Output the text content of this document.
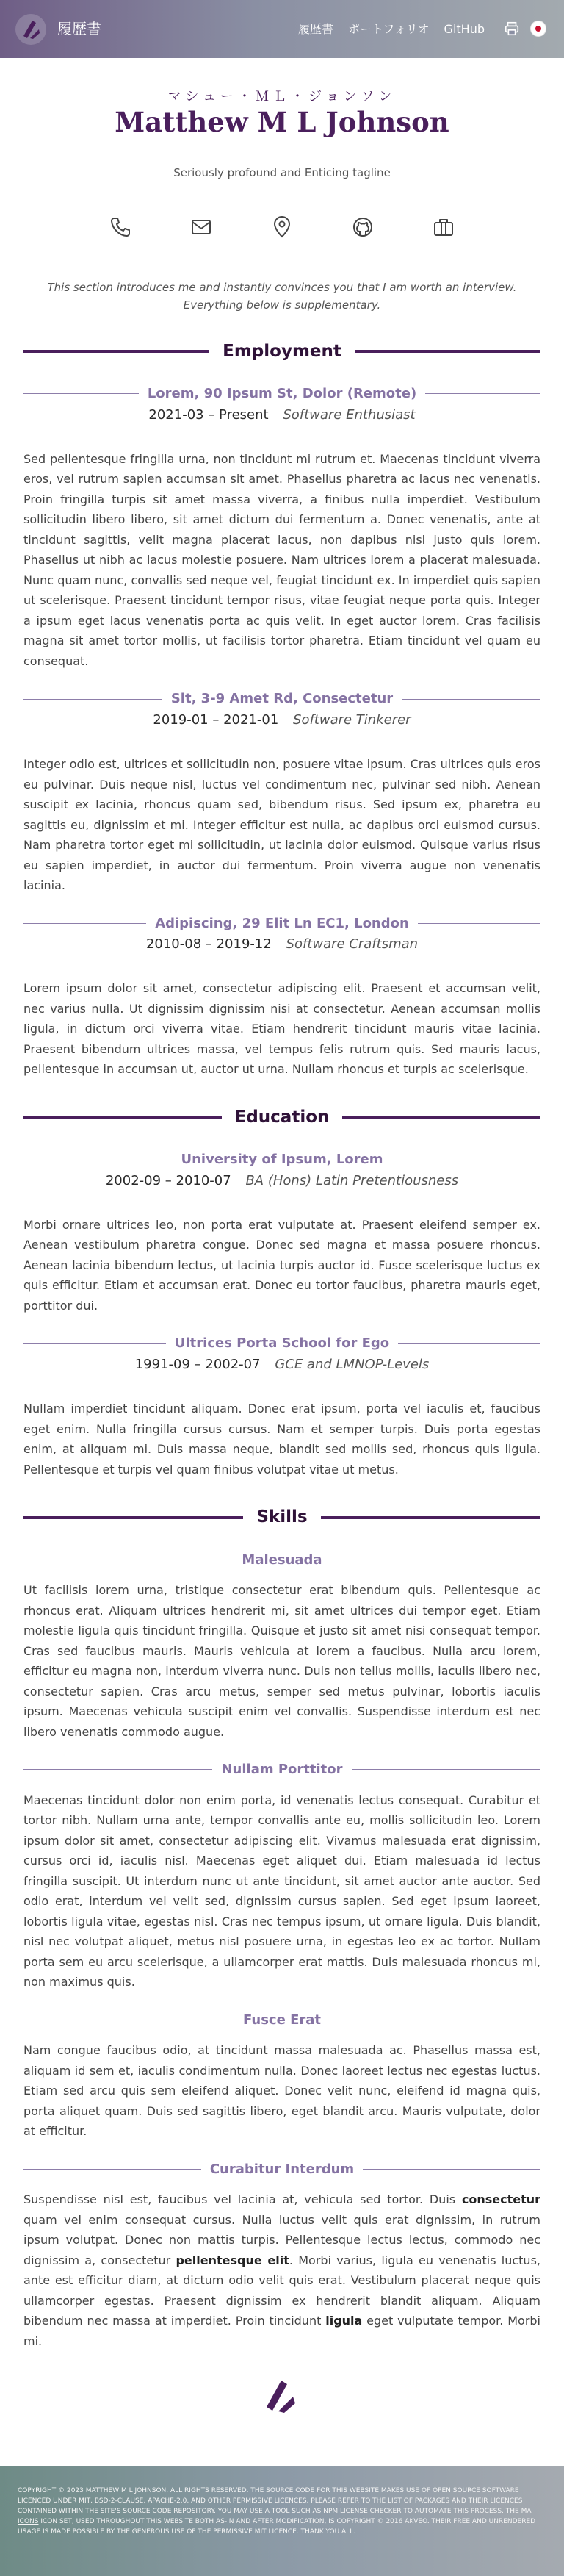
履歴書	履歴書 ポートフォリオ GitHub
マシュー・ＭＬ・ジョンソン
Matthew M L Johnson

Seriously profound and Enticing tagline

This section introduces me and instantly convinces you that I am worth an interview.
Everything below is supplementary.

Employment
Lorem, 90 Ipsum St, Dolor (Remote)
2021-03 – Present Software Enthusiast

Sed pellentesque fringilla urna, non tincidunt mi rutrum et. Maecenas tincidunt viverra eros, vel rutrum sapien accumsan sit amet. Phasellus pharetra ac lacus nec venenatis. Proin fringilla turpis sit amet massa viverra, a finibus nulla imperdiet. Vestibulum sollicitudin libero libero, sit amet dictum dui fermentum a. Donec venenatis, ante at tincidunt sagittis, velit magna placerat lacus, non dapibus nisl justo quis lorem. Phasellus ut nibh ac lacus molestie posuere. Nam ultrices lorem a placerat malesuada. Nunc quam nunc, convallis sed neque vel, feugiat tincidunt ex. In imperdiet quis sapien ut scelerisque. Praesent tincidunt tempor risus, vitae feugiat neque porta quis. Integer a ipsum eget lacus venenatis porta ac quis velit. In eget auctor lorem. Cras facilisis magna sit amet tortor mollis, ut facilisis tortor pharetra. Etiam tincidunt vel quam eu consequat.

Sit, 3-9 Amet Rd, Consectetur
2019-01 – 2021-01 Software Tinkerer

Integer odio est, ultrices et sollicitudin non, posuere vitae ipsum. Cras ultrices quis eros eu pulvinar. Duis neque nisl, luctus vel condimentum nec, pulvinar sed nibh. Aenean suscipit ex lacinia, rhoncus quam sed, bibendum risus. Sed ipsum ex, pharetra eu sagittis eu, dignissim et mi. Integer efficitur est nulla, ac dapibus orci euismod cursus. Nam pharetra tortor eget mi sollicitudin, ut lacinia dolor euismod. Quisque varius risus eu sapien imperdiet, in auctor dui fermentum. Proin viverra augue non venenatis lacinia.

Adipiscing, 29 Elit Ln EC1, London
2010-08 – 2019-12 Software Craftsman

Lorem ipsum dolor sit amet, consectetur adipiscing elit. Praesent et accumsan velit, nec varius nulla. Ut dignissim dignissim nisi at consectetur. Aenean accumsan mollis ligula, in dictum orci viverra vitae. Etiam hendrerit tincidunt mauris vitae lacinia. Praesent bibendum ultrices massa, vel tempus felis rutrum quis. Sed mauris lacus, pellentesque in accumsan ut, auctor ut urna. Nullam rhoncus et turpis ac scelerisque.

Education
University of Ipsum, Lorem
2002-09 – 2010-07 BA (Hons) Latin Pretentiousness

Morbi ornare ultrices leo, non porta erat vulputate at. Praesent eleifend semper ex. Aenean vestibulum pharetra congue. Donec sed magna et massa posuere rhoncus. Aenean lacinia bibendum lectus, ut lacinia turpis auctor id. Fusce scelerisque luctus ex quis efficitur. Etiam et accumsan erat. Donec eu tortor faucibus, pharetra mauris eget, porttitor dui.

Ultrices Porta School for Ego
1991-09 – 2002-07 GCE and LMNOP-Levels

Nullam imperdiet tincidunt aliquam. Donec erat ipsum, porta vel iaculis et, faucibus eget enim. Nulla fringilla cursus cursus. Nam et semper turpis. Duis porta egestas enim, at aliquam mi. Duis massa neque, blandit sed mollis sed, rhoncus quis ligula. Pellentesque et turpis vel quam finibus volutpat vitae ut metus.

Skills
Malesuada

Ut facilisis lorem urna, tristique consectetur erat bibendum quis. Pellentesque ac rhoncus erat. Aliquam ultrices hendrerit mi, sit amet ultrices dui tempor eget. Etiam molestie ligula quis tincidunt fringilla. Quisque et justo sit amet nisi consequat tempor. Cras sed faucibus mauris. Mauris vehicula at lorem a faucibus. Nulla arcu lorem, efficitur eu magna non, interdum viverra nunc. Duis non tellus mollis, iaculis libero nec, consectetur sapien. Cras arcu metus, semper sed metus pulvinar, lobortis iaculis ipsum. Maecenas vehicula suscipit enim vel convallis. Suspendisse interdum est nec libero venenatis commodo augue.

Nullam Porttitor

Maecenas tincidunt dolor non enim porta, id venenatis lectus consequat. Curabitur et tortor nibh. Nullam urna ante, tempor convallis ante eu, mollis sollicitudin leo. Lorem ipsum dolor sit amet, consectetur adipiscing elit. Vivamus malesuada erat dignissim, cursus orci id, iaculis nisl. Maecenas eget aliquet dui. Etiam malesuada id lectus fringilla suscipit. Ut interdum nunc ut ante tincidunt, sit amet auctor ante auctor. Sed odio erat, interdum vel velit sed, dignissim cursus sapien. Sed eget ipsum laoreet, lobortis ligula vitae, egestas nisl. Cras nec tempus ipsum, ut ornare ligula. Duis blandit, nisl nec volutpat aliquet, metus nisl posuere urna, in egestas leo ex ac tortor. Nullam porta sem eu arcu scelerisque, a ullamcorper erat mattis. Duis malesuada rhoncus mi, non maximus quis.

Fusce Erat

Nam congue faucibus odio, at tincidunt massa malesuada ac. Phasellus massa est, aliquam id sem et, iaculis condimentum nulla. Donec laoreet lectus nec egestas luctus. Etiam sed arcu quis sem eleifend aliquet. Donec velit nunc, eleifend id magna quis, porta aliquet quam. Duis sed sagittis libero, eget blandit arcu. Mauris vulputate, dolor at efficitur.

Curabitur Interdum

Suspendisse nisl est, faucibus vel lacinia at, vehicula sed tortor. Duis consectetur quam vel enim consequat cursus. Nulla luctus velit quis erat dignissim, in rutrum ipsum volutpat. Donec non mattis turpis. Pellentesque lectus lectus, commodo nec dignissim a, consectetur pellentesque elit. Morbi varius, ligula eu venenatis luctus, ante est efficitur diam, at dictum odio velit quis erat. Vestibulum placerat neque quis ullamcorper egestas. Praesent dignissim ex hendrerit blandit aliquam. Aliquam bibendum nec massa at imperdiet. Proin tincidunt ligula eget vulputate tempor. Morbi mi.

COPYRIGHT © 2023 MATTHEW M L JOHNSON. ALL RIGHTS RESERVED. THE SOURCE CODE FOR THIS WEBSITE MAKES USE OF OPEN SOURCE SOFTWARE LICENCED UNDER MIT, BSD-2-CLAUSE, APACHE-2.0, AND OTHER PERMISSIVE LICENCES. PLEASE REFER TO THE LIST OF PACKAGES AND THEIR LICENCES CONTAINED WITHIN THE SITE'S SOURCE CODE REPOSITORY. YOU MAY USE A TOOL SUCH AS NPM LICENSE CHECKER TO AUTOMATE THIS PROCESS. THE MA ICONS ICON SET, USED THROUGHOUT THIS WEBSITE BOTH AS-IN AND AFTER MODIFICATION, IS COPYRIGHT © 2016 AKVEO. THEIR FREE AND UNRENDERED USAGE IS MADE POSSIBLE BY THE GENEROUS USE OF THE PERMISSIVE MIT LICENCE. THANK YOU ALL.
